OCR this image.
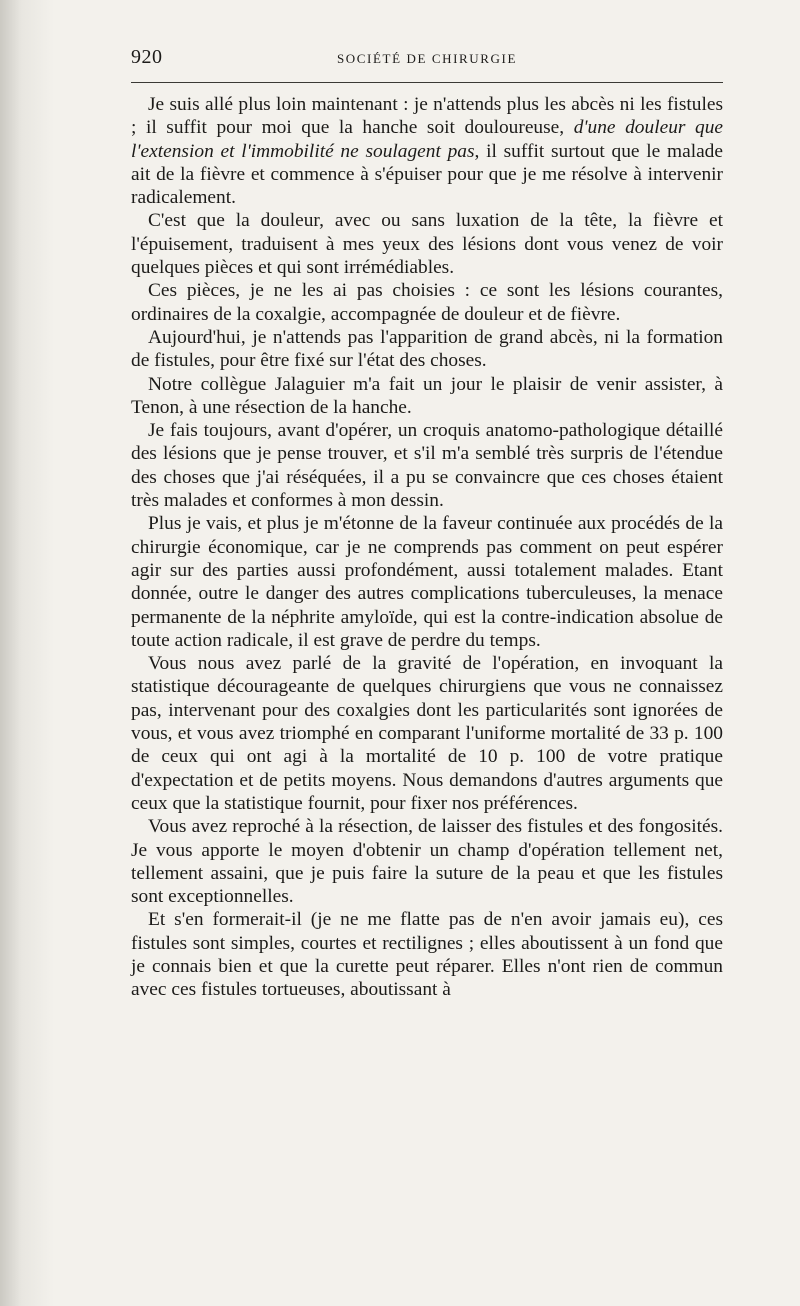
920	SOCIÉTÉ DE CHIRURGIE

Je suis allé plus loin maintenant : je n'attends plus les abcès ni les fistules ; il suffit pour moi que la hanche soit douloureuse, d'une douleur que l'extension et l'immobilité ne soulagent pas, il suffit surtout que le malade ait de la fièvre et commence à s'épuiser pour que je me résolve à intervenir radicalement.

C'est que la douleur, avec ou sans luxation de la tête, la fièvre et l'épuisement, traduisent à mes yeux des lésions dont vous venez de voir quelques pièces et qui sont irrémédiables.

Ces pièces, je ne les ai pas choisies : ce sont les lésions courantes, ordinaires de la coxalgie, accompagnée de douleur et de fièvre.

Aujourd'hui, je n'attends pas l'apparition de grand abcès, ni la formation de fistules, pour être fixé sur l'état des choses.

Notre collègue Jalaguier m'a fait un jour le plaisir de venir assister, à Tenon, à une résection de la hanche.

Je fais toujours, avant d'opérer, un croquis anatomo-pathologique détaillé des lésions que je pense trouver, et s'il m'a semblé très surpris de l'étendue des choses que j'ai réséquées, il a pu se convaincre que ces choses étaient très malades et conformes à mon dessin.

Plus je vais, et plus je m'étonne de la faveur continuée aux procédés de la chirurgie économique, car je ne comprends pas comment on peut espérer agir sur des parties aussi profondément, aussi totalement malades. Etant donnée, outre le danger des autres complications tuberculeuses, la menace permanente de la néphrite amyloïde, qui est la contre-indication absolue de toute action radicale, il est grave de perdre du temps.

Vous nous avez parlé de la gravité de l'opération, en invoquant la statistique décourageante de quelques chirurgiens que vous ne connaissez pas, intervenant pour des coxalgies dont les particularités sont ignorées de vous, et vous avez triomphé en comparant l'uniforme mortalité de 33 p. 100 de ceux qui ont agi à la mortalité de 10 p. 100 de votre pratique d'expectation et de petits moyens. Nous demandons d'autres arguments que ceux que la statistique fournit, pour fixer nos préférences.

Vous avez reproché à la résection, de laisser des fistules et des fongosités. Je vous apporte le moyen d'obtenir un champ d'opération tellement net, tellement assaini, que je puis faire la suture de la peau et que les fistules sont exceptionnelles.

Et s'en formerait-il (je ne me flatte pas de n'en avoir jamais eu), ces fistules sont simples, courtes et rectilignes ; elles aboutissent à un fond que je connais bien et que la curette peut réparer. Elles n'ont rien de commun avec ces fistules tortueuses, aboutissant à
